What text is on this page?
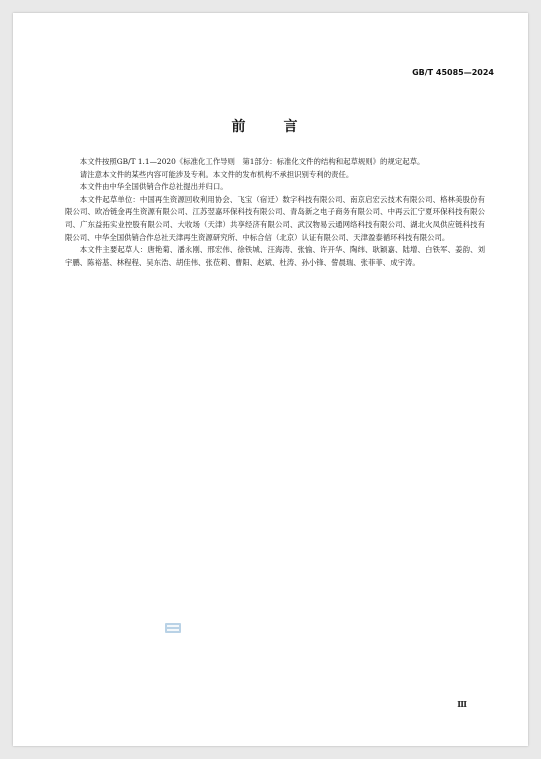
GB/T 45085—2024
前　言

本文件按照GB/T 1.1—2020《标准化工作导则　第1部分：标准化文件的结构和起草规则》的规定起草。

请注意本文件的某些内容可能涉及专利。本文件的发布机构不承担识别专利的责任。

本文件由中华全国供销合作总社提出并归口。

本文件起草单位：中国再生资源回收利用协会、飞宝（宿迁）数字科技有限公司、南京启宏云技术有限公司、格林美股份有限公司、欧冶链金再生资源有限公司、江苏翌嘉环保科技有限公司、青岛新之电子商务有限公司、中再云汇宁夏环保科技有限公司、广东益拓实业控股有限公司、大收场（天津）共享经济有限公司、武汉物易云通网络科技有限公司、湖北火凤供应链科技有限公司、中华全国供销合作总社天津再生资源研究所、中标合信（北京）认证有限公司、天津盈泰循环科技有限公司。

本文件主要起草人：唐艳菊、潘永刚、邢宏伟、徐铁城、汪海涛、张愉、许开华、陶纬、耿颖嘉、陆增、白铁军、姜韵、刘宇鹏、陈裕基、林程程、吴东浩、胡佳伟、张莅莉、曹阳、赵斌、杜涛、孙小锋、訾晨瑞、张菲菲、成宇涛。

Ⅲ
